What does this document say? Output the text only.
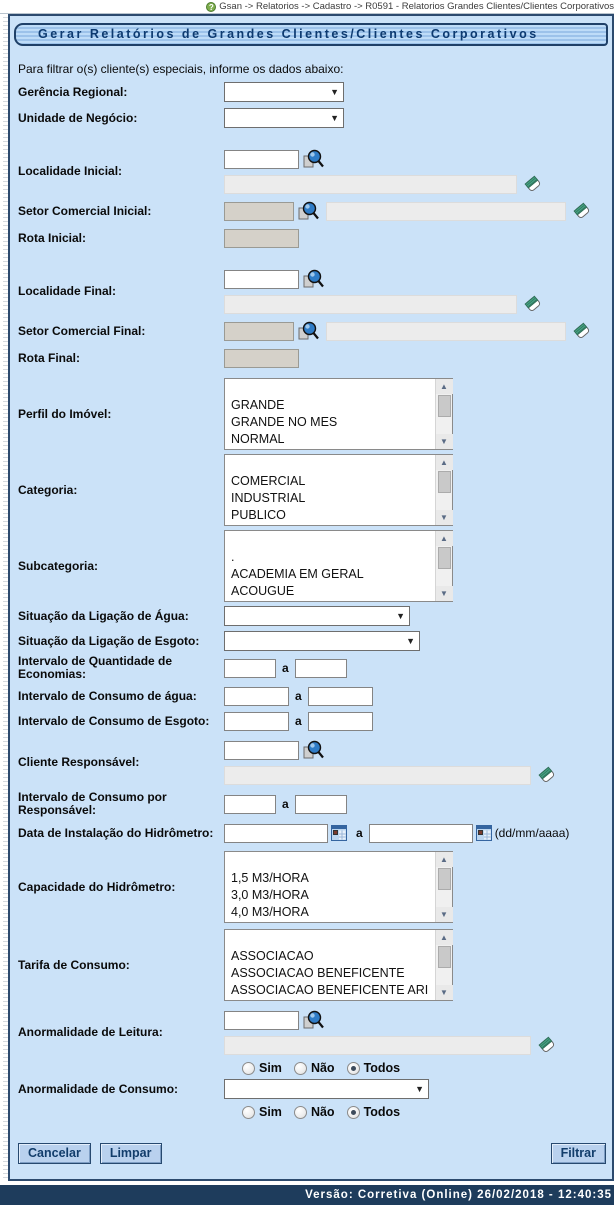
? Gsan -> Relatorios -> Cadastro -> R0591 - Relatorios Grandes Clientes/Clientes Corporativos
Gerar Relatórios de Grandes Clientes/Clientes Corporativos
Para filtrar o(s) cliente(s) especiais, informe os dados abaixo:
Gerência Regional:	▼
Unidade de Negócio:	▼
Localidade Inicial:
Setor Comercial Inicial:
Rota Inicial:
Localidade Final:
Setor Comercial Final:
Rota Final:
Perfil do Imóvel:
GRANDE
GRANDE NO MES
NORMAL
▲
▼
Categoria:
COMERCIAL
INDUSTRIAL
PUBLICO
▲
▼
Subcategoria:
.
ACADEMIA EM GERAL
ACOUGUE
▲
▼
Situação da Ligação de Água:	▼
Situação da Ligação de Esgoto:	▼
Intervalo de Quantidade de Economias:	a
Intervalo de Consumo de água:	a
Intervalo de Consumo de Esgoto:	a
Cliente Responsável:
Intervalo de Consumo por Responsável:	a
Data de Instalação do Hidrômetro:	a	(dd/mm/aaaa)
Capacidade do Hidrômetro:
1,5 M3/HORA
3,0 M3/HORA
4,0 M3/HORA
▲
▼
Tarifa de Consumo:
ASSOCIACAO
ASSOCIACAO BENEFICENTE
ASSOCIACAO BENEFICENTE ARI
▲
▼
Anormalidade de Leitura:
Sim Não Todos
Anormalidade de Consumo:	▼
Sim Não Todos
Cancelar	Limpar	Filtrar
Versão: Corretiva (Online) 26/02/2018 - 12:40:35
